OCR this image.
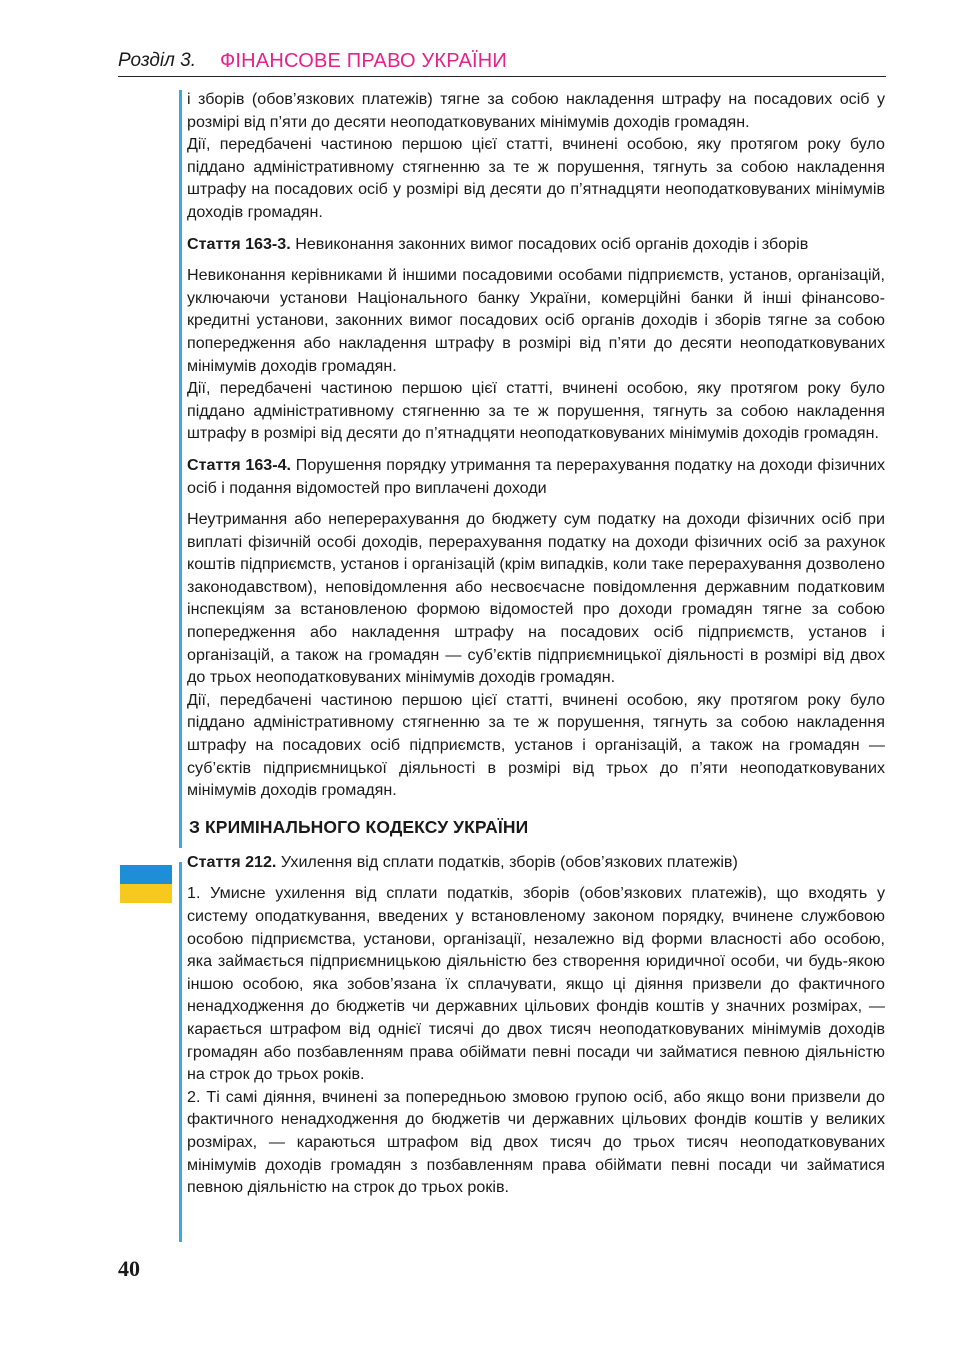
Розділ 3. ФІНАНСОВЕ ПРАВО УКРАЇНИ

і зборів (обов’язкових платежів) тягне за собою накладення штрафу на посадових осіб у розмірі від п’яти до десяти неоподатковуваних мінімумів доходів громадян.

Дії, передбачені частиною першою цієї статті, вчинені особою, яку протягом року було піддано адміністративному стягненню за те ж порушення, тягнуть за собою накладення штрафу на посадових осіб у розмірі від десяти до п’ятнадцяти неоподатковуваних мінімумів доходів громадян.

Стаття 163-3. Невиконання законних вимог посадових осіб органів доходів і зборів

Невиконання керівниками й іншими посадовими особами підприємств, установ, організацій, уключаючи установи Національного банку України, комерційні банки й інші фінансово-кредитні установи, законних вимог посадових осіб органів доходів і зборів тягне за собою попередження або накладення штрафу в розмірі від п’яти до десяти неоподатковуваних мінімумів доходів громадян.

Дії, передбачені частиною першою цієї статті, вчинені особою, яку протягом року було піддано адміністративному стягненню за те ж порушення, тягнуть за собою накладення штрафу в розмірі від десяти до п’ятнадцяти неоподатковуваних мінімумів доходів громадян.

Стаття 163-4. Порушення порядку утримання та перерахування податку на доходи фізичних осіб і подання відомостей про виплачені доходи

Неутримання або неперерахування до бюджету сум податку на доходи фізичних осіб при виплаті фізичній особі доходів, перерахування податку на доходи фізичних осіб за рахунок коштів підприємств, установ і організацій (крім випадків, коли таке перерахування дозволено законодавством), неповідомлення або несвоєчасне повідомлення державним податковим інспекціям за встановленою формою відомостей про доходи громадян тягне за собою попередження або накладення штрафу на посадових осіб підприємств, установ і організацій, а також на громадян — суб’єктів підприємницької діяльності в розмірі від двох до трьох неоподатковуваних мінімумів доходів громадян.

Дії, передбачені частиною першою цієї статті, вчинені особою, яку протягом року було піддано адміністративному стягненню за те ж порушення, тягнуть за собою накладення штрафу на посадових осіб підприємств, установ і організацій, а також на громадян — суб’єктів підприємницької діяльності в розмірі від трьох до п’яти неоподатковуваних мінімумів доходів громадян.

З КРИМІНАЛЬНОГО КОДЕКСУ УКРАЇНИ

Стаття 212. Ухилення від сплати податків, зборів (обов’язкових платежів)

1. Умисне ухилення від сплати податків, зборів (обов’язкових платежів), що входять у систему оподаткування, введених у встановленому законом порядку, вчинене службовою особою підприємства, установи, організації, незалежно від форми власності або особою, яка займається підприємницькою діяльністю без створення юридичної особи, чи будь-якою іншою особою, яка зобов’язана їх сплачувати, якщо ці діяння призвели до фактичного ненадходження до бюджетів чи державних цільових фондів коштів у значних розмірах, — карається штрафом від однієї тисячі до двох тисяч неоподатковуваних мінімумів доходів громадян або позбавленням права обіймати певні посади чи займатися певною діяльністю на строк до трьох років.

2. Ті самі діяння, вчинені за попередньою змовою групою осіб, або якщо вони призвели до фактичного ненадходження до бюджетів чи державних цільових фондів коштів у великих розмірах, — караються штрафом від двох тисяч до трьох тисяч неоподатковуваних мінімумів доходів громадян з позбавленням права обіймати певні посади чи займатися певною діяльністю на строк до трьох років.

40
